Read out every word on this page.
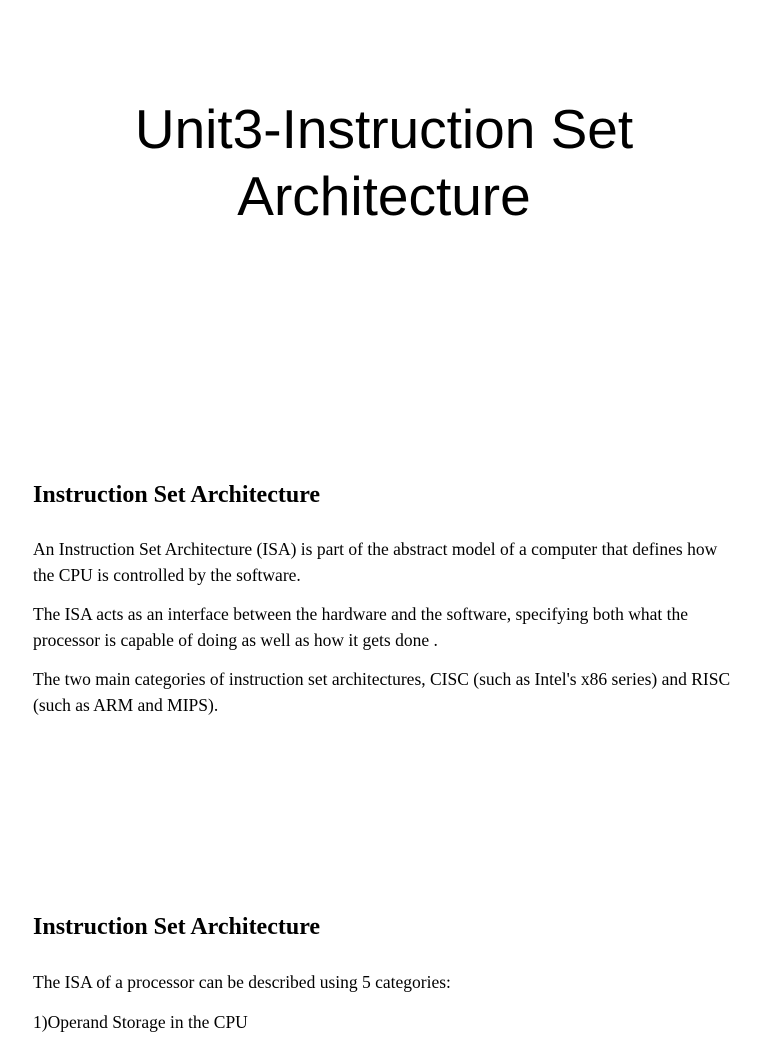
Unit3-Instruction Set
Architecture
Instruction Set Architecture

An Instruction Set Architecture (ISA) is part of the abstract model of a computer that defines how the CPU is controlled by the software.

The ISA acts as an interface between the hardware and the software, specifying both what the processor is capable of doing as well as how it gets done .

The two main categories of instruction set architectures, CISC (such as Intel's x86 series) and RISC (such as ARM and MIPS).

Instruction Set Architecture

The ISA of a processor can be described using 5 categories:

1)Operand Storage in the CPU
